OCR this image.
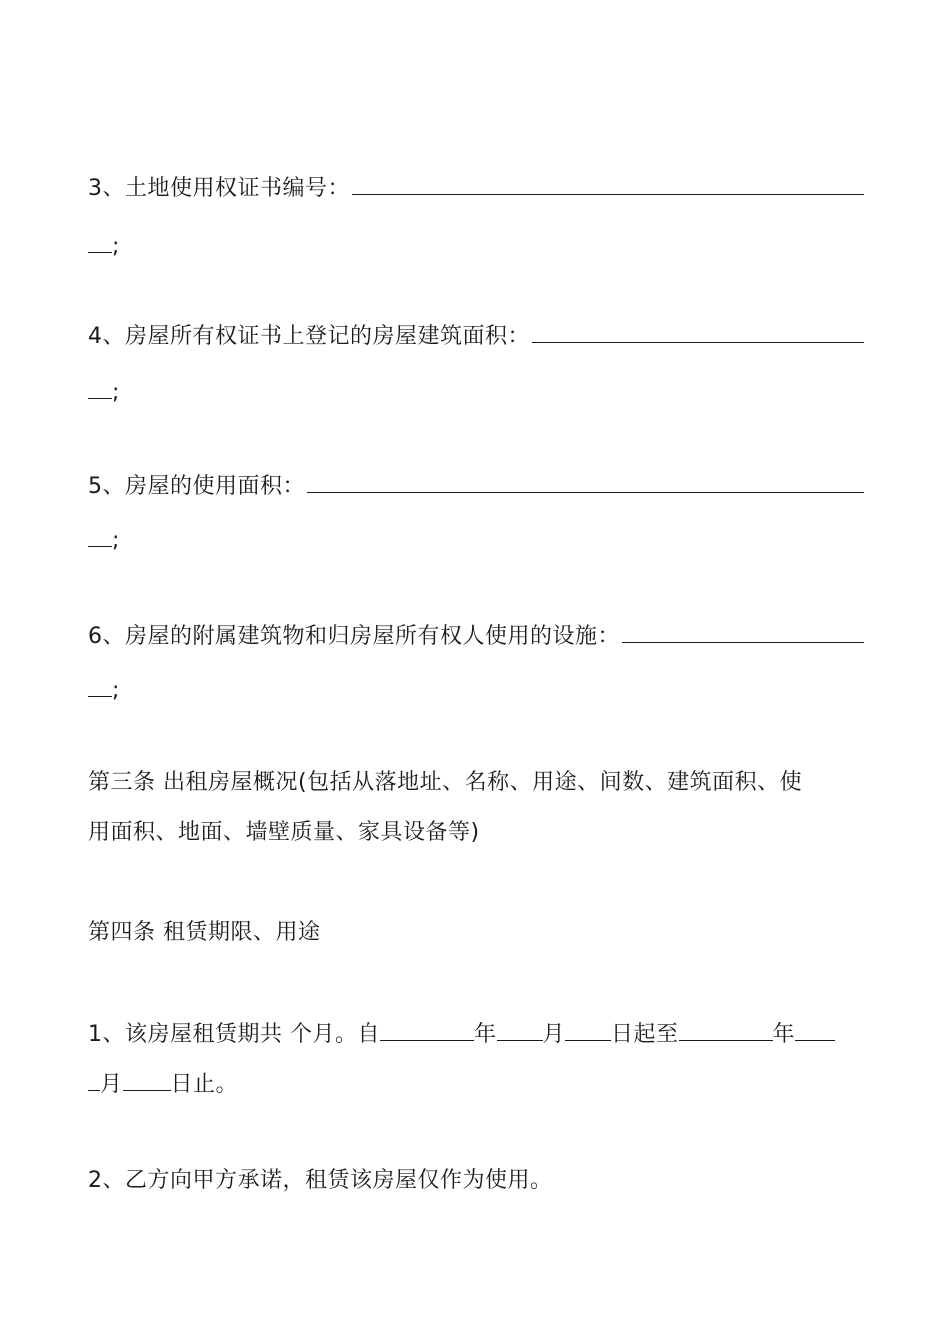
3、土地使用权证书编号：
;
4、房屋所有权证书上登记的房屋建筑面积：
;
5、房屋的使用面积：
;
6、房屋的附属建筑物和归房屋所有权人使用的设施：
;
第三条 出租房屋概况(包括从落地址、名称、用途、间数、建筑面积、使
用面积、地面、墙壁质量、家具设备等)
第四条 租赁期限、用途
1、该房屋租赁期共 个月。自	年 月 日起至	年
月 日止。
2、乙方向甲方承诺，租赁该房屋仅作为使用。
